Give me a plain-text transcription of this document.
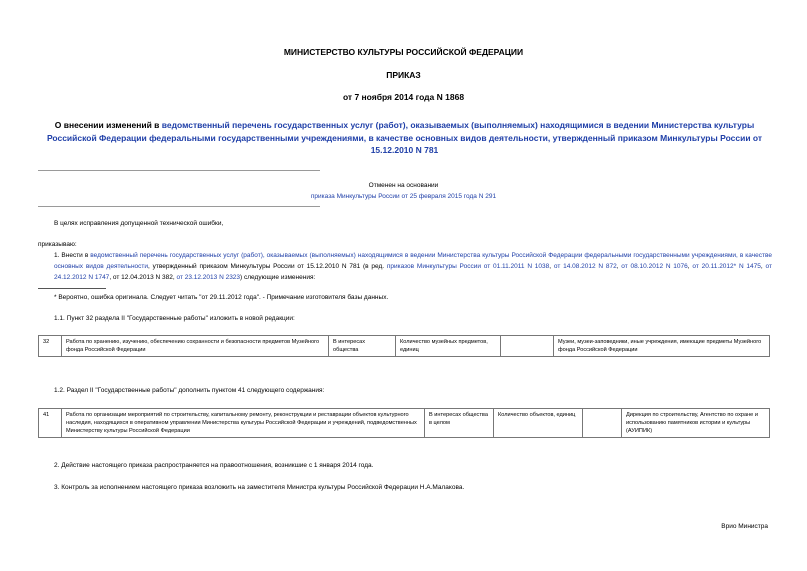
МИНИСТЕРСТВО КУЛЬТУРЫ РОССИЙСКОЙ ФЕДЕРАЦИИ
ПРИКАЗ
от 7 ноября 2014 года N 1868
О внесении изменений в ведомственный перечень государственных услуг (работ), оказываемых (выполняемых) находящимися в ведении Министерства культуры Российской Федерации федеральными государственными учреждениями, в качестве основных видов деятельности, утвержденный приказом Минкультуры России от 15.12.2010 N 781
Отменен на основании
приказа Минкультуры России от 25 февраля 2015 года N 291
В целях исправления допущенной технической ошибки,
приказываю:
1. Внести в ведомственный перечень государственных услуг (работ), оказываемых (выполняемых) находящимися в ведении Министерства культуры Российской Федерации федеральными государственными учреждениями, в качестве основных видов деятельности, утвержденный приказом Минкультуры России от 15.12.2010 N 781 (в ред. приказов Минкультуры России от 01.11.2011 N 1038, от 14.08.2012 N 872, от 08.10.2012 N 1076, от 20.11.2012* N 1475, от 24.12.2012 N 1747, от 12.04.2013 N 382, от 23.12.2013 N 2323) следующие изменения:
* Вероятно, ошибка оригинала. Следует читать "от 29.11.2012 года". - Примечание изготовителя базы данных.
1.1. Пункт 32 раздела II "Государственные работы" изложить в новой редакции:
32	Работа по хранению, изучению, обеспечению сохранности и безопасности предметов Музейного фонда Российской Федерации	В интересах общества	Количество музейных предметов, единиц		Музеи, музеи-заповедники, иные учреждения, имеющие предметы Музейного фонда Российской Федерации
1.2. Раздел II "Государственные работы" дополнить пунктом 41 следующего содержания:
41	Работа по организации мероприятий по строительству, капитальному ремонту, реконструкции и реставрации объектов культурного наследия, находящихся в оперативном управлении Министерства культуры Российской Федерации и учреждений, подведомственных Министерству культуры Российской Федерации	В интересах общества в целом	Количество объектов, единиц		Дирекция по строительству, Агентство по охране и использованию памятников истории и культуры (АУИПИК)
2. Действие настоящего приказа распространяется на правоотношения, возникшие с 1 января 2014 года.
3. Контроль за исполнением настоящего приказа возложить на заместителя Министра культуры Российской Федерации Н.А.Малакова.
Врио Министра
